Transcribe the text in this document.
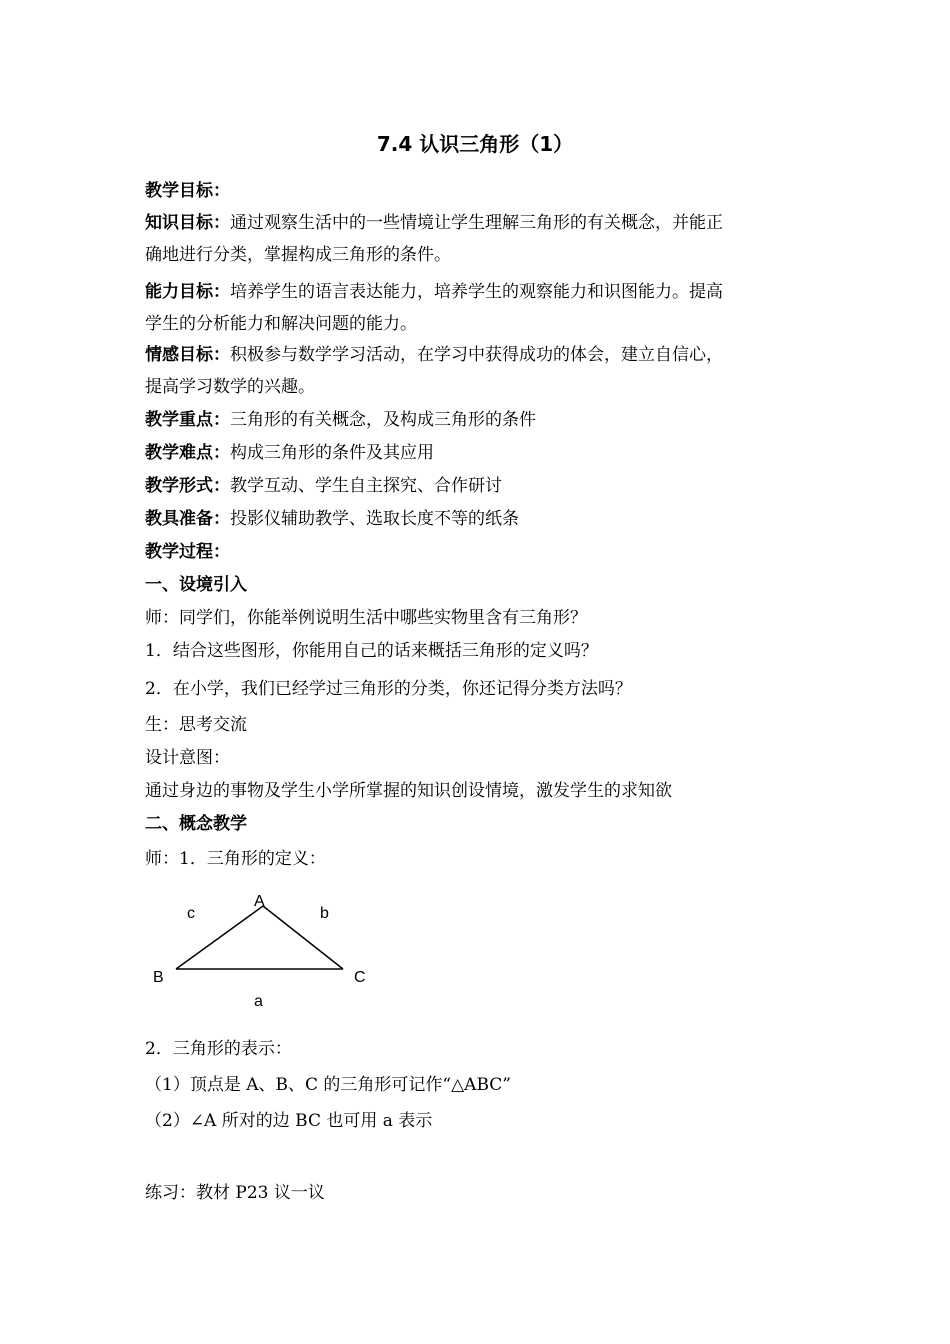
7.4 认识三角形（1）
教学目标：
知识目标：通过观察生活中的一些情境让学生理解三角形的有关概念，并能正
确地进行分类，掌握构成三角形的条件。
能力目标：培养学生的语言表达能力，培养学生的观察能力和识图能力。提高
学生的分析能力和解决问题的能力。
情感目标：积极参与数学学习活动，在学习中获得成功的体会，建立自信心，
提高学习数学的兴趣。
教学重点：三角形的有关概念，及构成三角形的条件
教学难点：构成三角形的条件及其应用
教学形式：教学互动、学生自主探究、合作研讨
教具准备：投影仪辅助教学、选取长度不等的纸条
教学过程：
一、设境引入
师：同学们，你能举例说明生活中哪些实物里含有三角形？
1．结合这些图形，你能用自己的话来概括三角形的定义吗？
2．在小学，我们已经学过三角形的分类，你还记得分类方法吗？
生：思考交流
设计意图：
通过身边的事物及学生小学所掌握的知识创设情境，激发学生的求知欲
二、概念教学
师：1．三角形的定义：
A
B	C
c	b
a
2．三角形的表示：
（1）顶点是 A、B、C 的三角形可记作“△ABC”
（2）∠A 所对的边 BC 也可用 a 表示
练习：教材 P23 议一议
